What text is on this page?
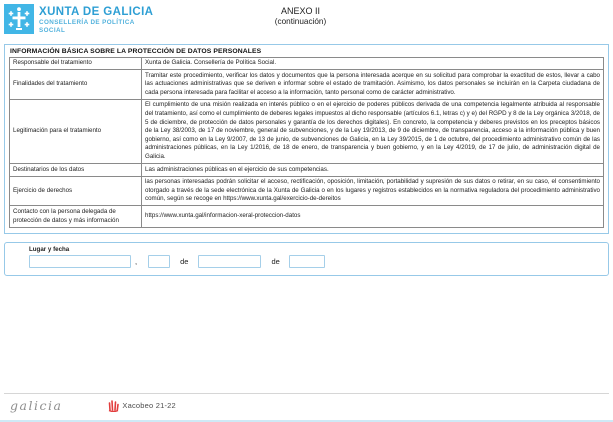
XUNTA DE GALICIA
CONSELLERÍA DE POLÍTICA
SOCIAL
ANEXO II
(continuación)
INFORMACIÓN BÁSICA SOBRE LA PROTECCIÓN DE DATOS PERSONALES
Responsable del tratamiento	Xunta de Galicia. Consellería de Política Social.
Finalidades del tratamiento	Tramitar este procedimiento, verificar los datos y documentos que la persona interesada acerque en su solicitud para comprobar la exactitud de estos, llevar a cabo las actuaciones administrativas que se deriven e informar sobre el estado de tramitación. Asimismo, los datos personales se incluirán en la Carpeta ciudadana de cada persona interesada para facilitar el acceso a la información, tanto personal como de carácter administrativo.
Legitimación para el tratamiento	El cumplimiento de una misión realizada en interés público o en el ejercicio de poderes públicos derivada de una competencia legalmente atribuida al responsable del tratamiento, así como el cumplimiento de deberes legales impuestos al dicho responsable (artículos 6.1, letras c) y e) del RGPD y 8 de la Ley orgánica 3/2018, de 5 de diciembre, de protección de datos personales y garantía de los derechos digitales). En concreto, la competencia y deberes previstos en los preceptos básicos de la Ley 38/2003, de 17 de noviembre, general de subvenciones, y de la Ley 19/2013, de 9 de diciembre, de transparencia, acceso a la información pública y buen gobierno, así como en la Ley 9/2007, de 13 de junio, de subvenciones de Galicia, en la Ley 39/2015, de 1 de octubre, del procedimiento administrativo común de las administraciones públicas, en la Ley 1/2016, de 18 de enero, de transparencia y buen gobierno, y en la Ley 4/2019, de 17 de julio, de administración digital de Galicia.
Destinatarios de los datos	Las administraciones públicas en el ejercicio de sus competencias.
Ejercicio de derechos	las personas interesadas podrán solicitar el acceso, rectificación, oposición, limitación, portabilidad y supresión de sus datos o retirar, en su caso, el consentimiento otorgado a través de la sede electrónica de la Xunta de Galicia o en los lugares y registros establecidos en la normativa reguladora del procedimiento administrativo común, según se recoge en https://www.xunta.gal/exercicio-de-dereitos
Contacto con la persona delegada de protección de datos y más información	https://www.xunta.gal/informacion-xeral-proteccion-datos
Lugar y fecha
,	de	de
galicia	Xacobeo 21-22
